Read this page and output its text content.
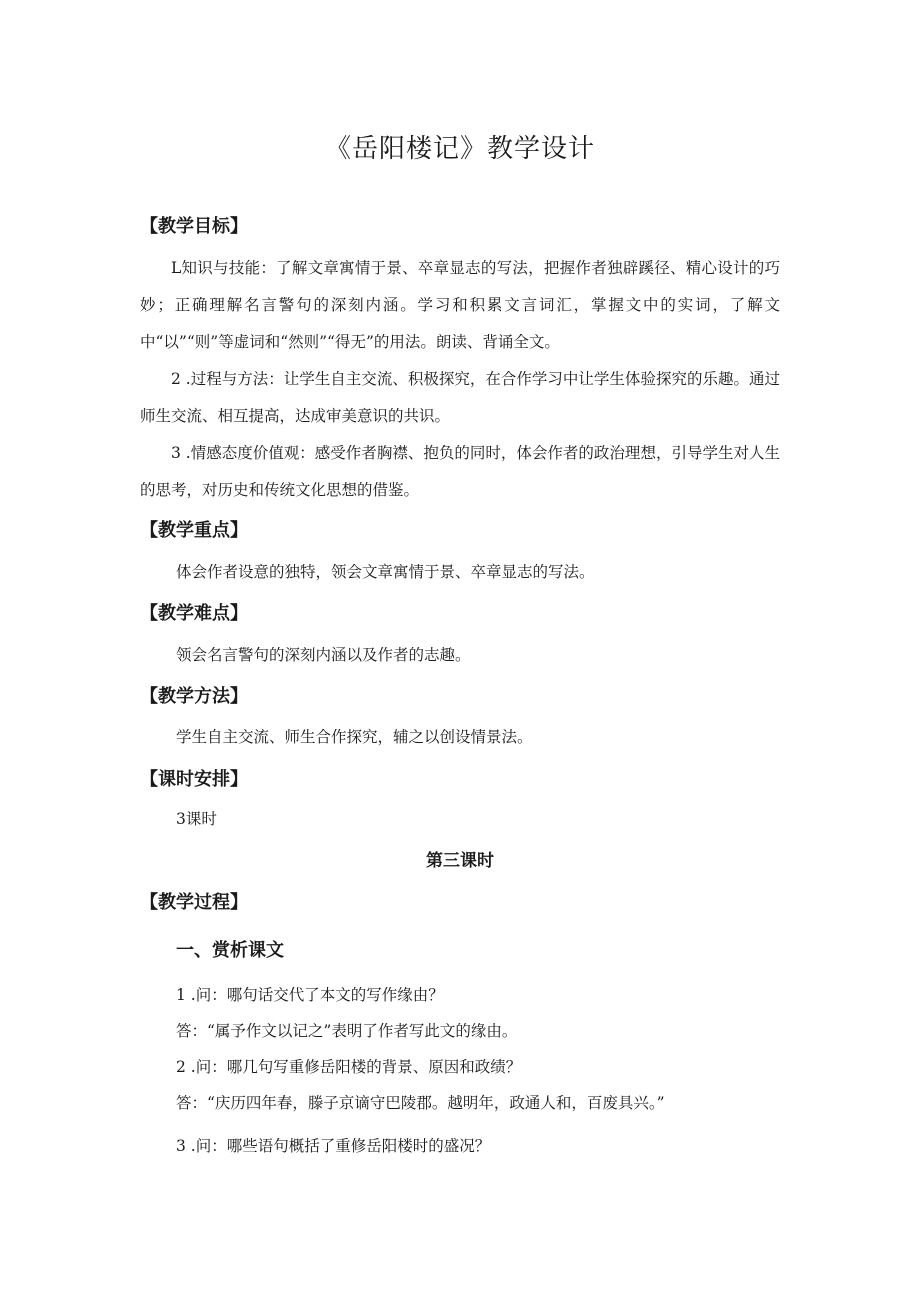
《岳阳楼记》教学设计
【教学目标】
L知识与技能：了解文章寓情于景、卒章显志的写法，把握作者独辟蹊径、精心设计的巧妙；正确理解名言警句的深刻内涵。学习和积累文言词汇，掌握文中的实词，了解文中“以”“则”等虚词和“然则”“得无”的用法。朗读、背诵全文。
2 .过程与方法：让学生自主交流、积极探究，在合作学习中让学生体验探究的乐趣。通过师生交流、相互提高，达成审美意识的共识。
3 .情感态度价值观：感受作者胸襟、抱负的同时，体会作者的政治理想，引导学生对人生的思考，对历史和传统文化思想的借鉴。
【教学重点】
体会作者设意的独特，领会文章寓情于景、卒章显志的写法。
【教学难点】
领会名言警句的深刻内涵以及作者的志趣。
【教学方法】
学生自主交流、师生合作探究，辅之以创设情景法。
【课时安排】
3课时
第三课时
【教学过程】
一、赏析课文
1 .问：哪句话交代了本文的写作缘由？
答：“属予作文以记之”表明了作者写此文的缘由。
2 .问：哪几句写重修岳阳楼的背景、原因和政绩？
答：“庆历四年春，滕子京谪守巴陵郡。越明年，政通人和，百废具兴。”
3 .问：哪些语句概括了重修岳阳楼时的盛况？
